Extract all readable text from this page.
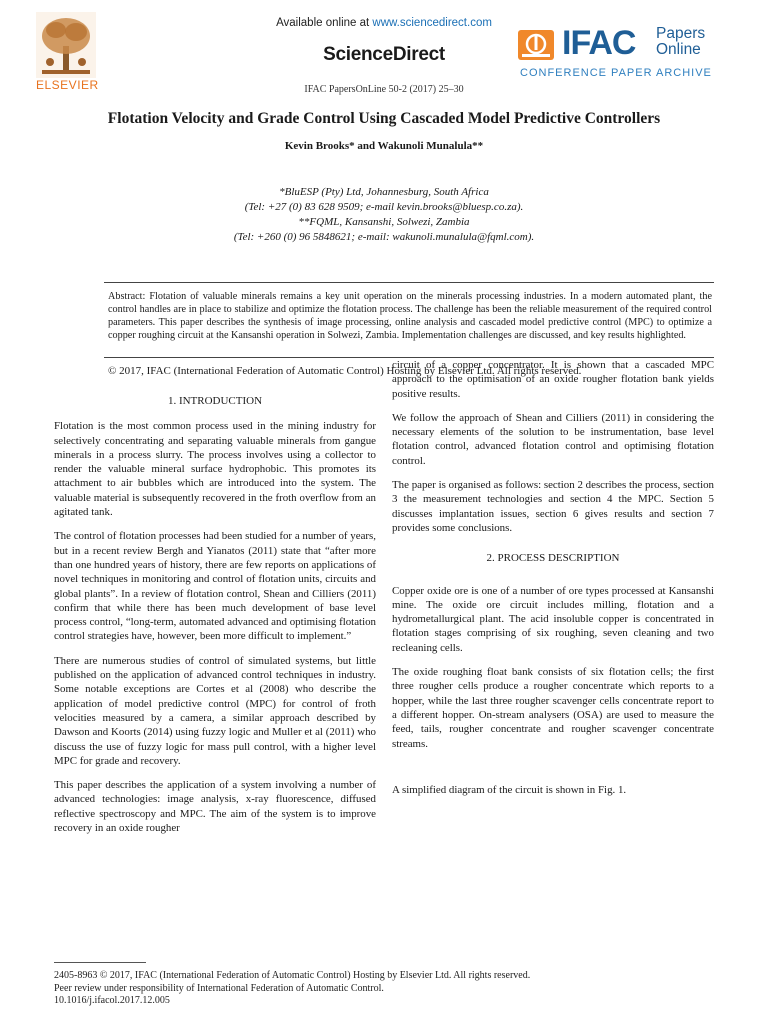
ELSEVIER
Available online at www.sciencedirect.com
ScienceDirect
IFAC PapersOnLine 50-2 (2017) 25–30
IFAC Papers
Online
CONFERENCE PAPER ARCHIVE
Flotation Velocity and Grade Control Using Cascaded Model Predictive Controllers
Kevin Brooks* and Wakunoli Munalula**
*BluESP (Pty) Ltd, Johannesburg, South Africa
(Tel: +27 (0) 83 628 9509; e-mail kevin.brooks@bluesp.co.za).
**FQML, Kansanshi, Solwezi, Zambia
(Tel: +260 (0) 96 5848621; e-mail: wakunoli.munalula@fqml.com).
Abstract: Flotation of valuable minerals remains a key unit operation on the minerals processing industries. In a modern automated plant, the control handles are in place to stabilize and optimize the flotation process. The challenge has been the reliable measurement of the required control parameters. This paper describes the synthesis of image processing, online analysis and cascaded model predictive control (MPC) to optimize a copper roughing circuit at the Kansanshi operation in Solwezi, Zambia. Implementation challenges are discussed, and key results highlighted.
© 2017, IFAC (International Federation of Automatic Control) Hosting by Elsevier Ltd. All rights reserved.
1. INTRODUCTION

Flotation is the most common process used in the mining industry for selectively concentrating and separating valuable minerals from gangue minerals in a process slurry. The process involves using a collector to render the valuable mineral surface hydrophobic. This promotes its attachment to air bubbles which are introduced into the system. The valuable material is subsequently recovered in the froth overflow from an agitated tank.

The control of flotation processes had been studied for a number of years, but in a recent review Bergh and Yianatos (2011) state that “after more than one hundred years of history, there are few reports on applications of novel techniques in monitoring and control of flotation units, circuits and global plants”. In a review of flotation control, Shean and Cilliers (2011) confirm that while there has been much development of base level process control, “long-term, automated advanced and optimising flotation control strategies have, however, been more difficult to implement.”

There are numerous studies of control of simulated systems, but little published on the application of advanced control techniques in industry. Some notable exceptions are Cortes et al (2008) who describe the application of model predictive control (MPC) for control of froth velocities measured by a camera, a similar approach described by Dawson and Koorts (2014) using fuzzy logic and Muller et al (2011) who discuss the use of fuzzy logic for mass pull control, with a higher level MPC for grade and recovery.

This paper describes the application of a system involving a number of advanced technologies: image analysis, x-ray fluorescence, diffused reflective spectroscopy and MPC. The aim of the system is to improve recovery in an oxide rougher

circuit of a copper concentrator. It is shown that a cascaded MPC approach to the optimisation of an oxide rougher flotation bank yields positive results.

We follow the approach of Shean and Cilliers (2011) in considering the necessary elements of the solution to be instrumentation, base level flotation control, advanced flotation control and optimising flotation control.

The paper is organised as follows: section 2 describes the process, section 3 the measurement technologies and section 4 the MPC. Section 5 discusses implantation issues, section 6 gives results and section 7 provides some conclusions.

2. PROCESS DESCRIPTION

Copper oxide ore is one of a number of ore types processed at Kansanshi mine. The oxide ore circuit includes milling, flotation and a hydrometallurgical plant. The acid insoluble copper is concentrated in flotation stages comprising of six roughing, seven cleaning and two recleaning cells.

The oxide roughing float bank consists of six flotation cells; the first three rougher cells produce a rougher concentrate which reports to a hopper, while the last three rougher scavenger cells concentrate report to a different hopper. On-stream analysers (OSA) are used to measure the feed, tails, rougher concentrate and rougher scavenger concentrate streams.

A simplified diagram of the circuit is shown in Fig. 1.

2405-8963 © 2017, IFAC (International Federation of Automatic Control) Hosting by Elsevier Ltd. All rights reserved.
Peer review under responsibility of International Federation of Automatic Control.
10.1016/j.ifacol.2017.12.005
